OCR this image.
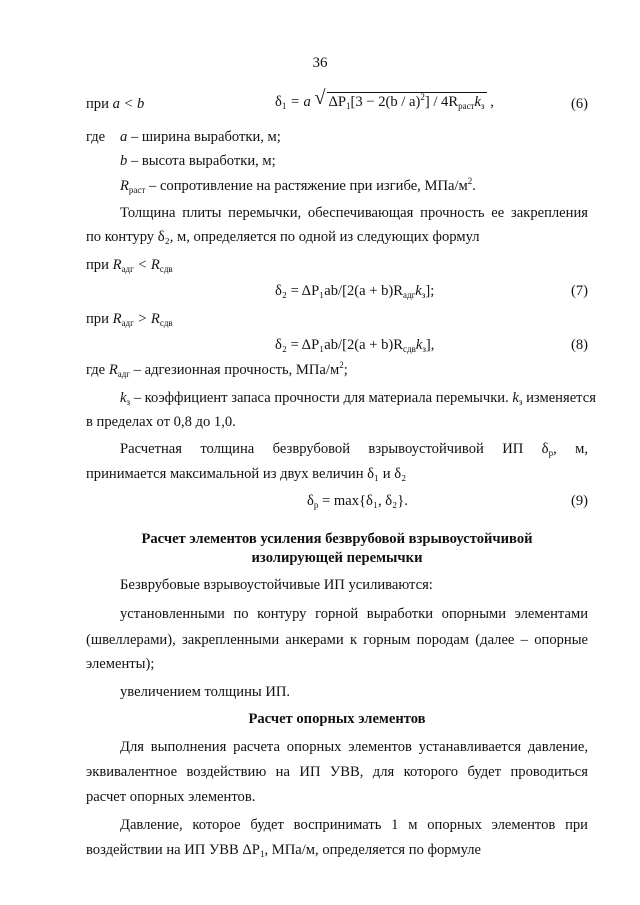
36
при a < b	$\delta_1 = a$ √ $\Delta P_1[3 - 2(b / a)^2] / 4R_{раст}k_з$ ,	(6)
где a – ширина выработки, м;
b – высота выработки, м;
$R_{раст}$ – сопротивление на растяжение при изгибе, МПа/$м^2$.
Толщина плиты перемычки, обеспечивающая прочность ее закрепления
по контуру δ₂, м, определяется по одной из следующих формул
при $R_{адг} < R_{сдв}$
$\delta_2 = \Delta P_1ab/[2(a + b)R_{адг}k_з]$;	(7)
при $R_{адг} > R_{сдв}$
$\delta_2 = \Delta P_1ab/[2(a + b)R_{сдв}k_з]$,	(8)
где $R_{адг}$ – адгезионная прочность, МПа/$м^2$;
$k_з$ – коэффициент запаса прочности для материала перемычки. $k_з$ изменяется
в пределах от 0,8 до 1,0.
Расчетная толщина безврубовой взрывоустойчивой ИП $\delta_р$, м,
принимается максимальной из двух величин δ₁ и δ₂
$\delta_р = \max\{\delta_1$, δ₂}.	(9)
Расчет элементов усиления безврубовой взрывоустойчивой
изолирующей перемычки
Безврубовые взрывоустойчивые ИП усиливаются:
установленными по контуру горной выработки опорными элементами
(швеллерами), закрепленными анкерами к горным породам (далее – опорные
элементы);
увеличением толщины ИП.
Расчет опорных элементов
Для выполнения расчета опорных элементов устанавливается давление,
эквивалентное воздействию на ИП УВВ, для которого будет проводиться
расчет опорных элементов.
Давление, которое будет воспринимать 1 м опорных элементов при
воздействии на ИП УВВ $\Delta P_1$, МПа/м, определяется по формуле
